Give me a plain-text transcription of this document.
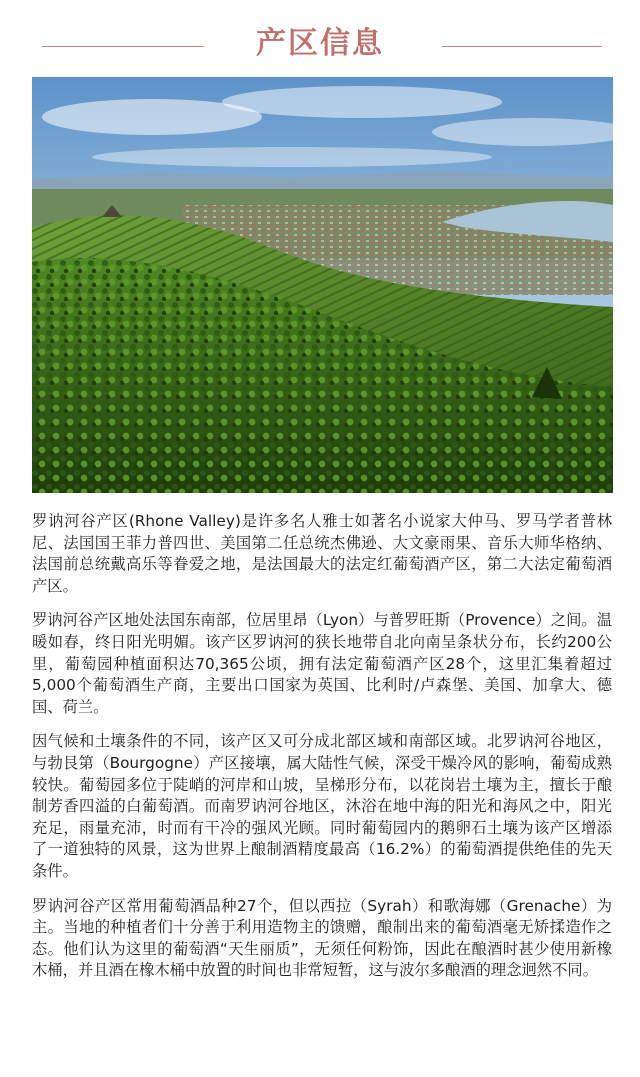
产区信息

罗讷河谷产区(Rhone Valley)是许多名人雅士如著名小说家大仲马、罗马学者普林尼、法国国王菲力普四世、美国第二任总统杰佛逊、大文豪雨果、音乐大师华格纳、法国前总统戴高乐等眷爱之地，是法国最大的法定红葡萄酒产区，第二大法定葡萄酒产区。

罗讷河谷产区地处法国东南部，位居里昂（Lyon）与普罗旺斯（Provence）之间。温暖如春，终日阳光明媚。该产区罗讷河的狭长地带自北向南呈条状分布，长约200公里，葡萄园种植面积达70,365公顷，拥有法定葡萄酒产区28个，这里汇集着超过5,000个葡萄酒生产商，主要出口国家为英国、比利时/卢森堡、美国、加拿大、德国、荷兰。

因气候和土壤条件的不同，该产区又可分成北部区域和南部区域。北罗讷河谷地区，与勃艮第（Bourgogne）产区接壤，属大陆性气候，深受干燥冷风的影响，葡萄成熟较快。葡萄园多位于陡峭的河岸和山坡，呈梯形分布，以花岗岩土壤为主，擅长于酿制芳香四溢的白葡萄酒。而南罗讷河谷地区，沐浴在地中海的阳光和海风之中，阳光充足，雨量充沛，时而有干冷的强风光顾。同时葡萄园内的鹅卵石土壤为该产区增添了一道独特的风景，这为世界上酿制酒精度最高（16.2%）的葡萄酒提供绝佳的先天条件。

罗讷河谷产区常用葡萄酒品种27个，但以西拉（Syrah）和歌海娜（Grenache）为主。当地的种植者们十分善于利用造物主的馈赠，酿制出来的葡萄酒毫无矫揉造作之态。他们认为这里的葡萄酒“天生丽质”，无须任何粉饰，因此在酿酒时甚少使用新橡木桶，并且酒在橡木桶中放置的时间也非常短暂，这与波尔多酿酒的理念迥然不同。
